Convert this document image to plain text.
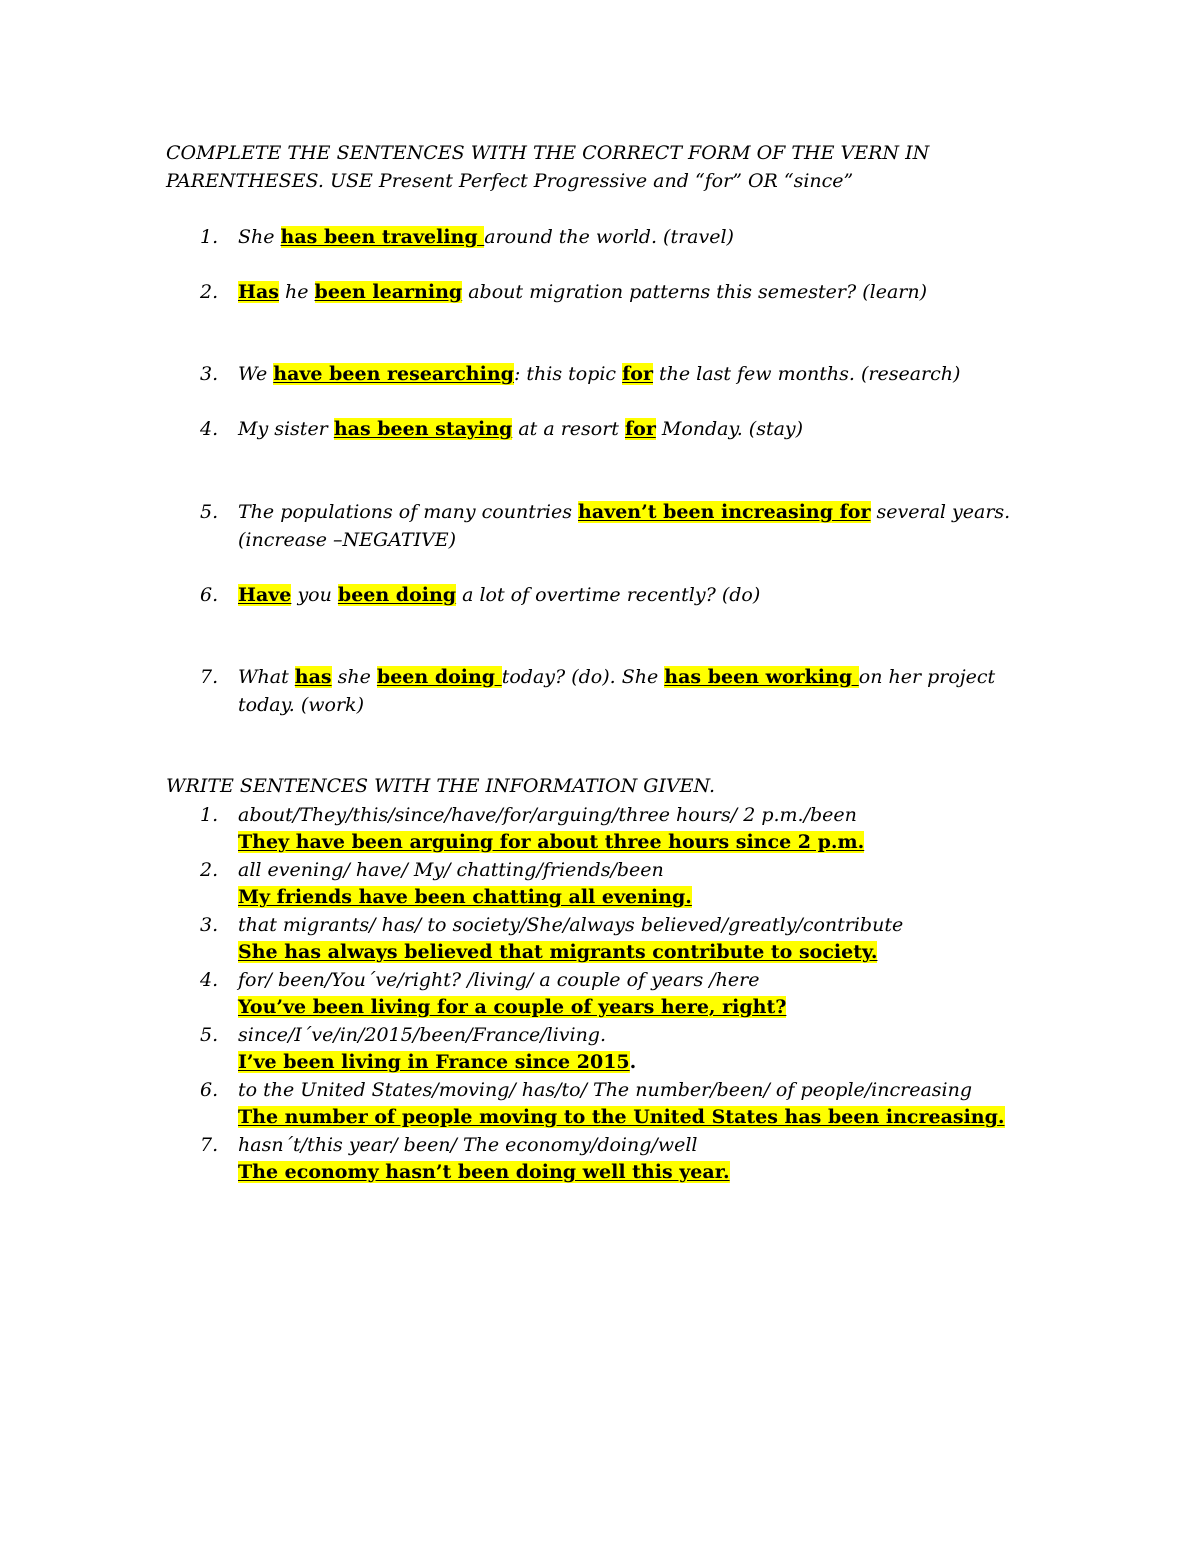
COMPLETE THE SENTENCES WITH THE CORRECT FORM OF THE VERN IN
PARENTHESES. USE Present Perfect Progressive and “for” OR “since”
1. She has been traveling around the world. (travel)
2. Has he been learning about migration patterns this semester? (learn)
3. We have been researching: this topic for the last few months. (research)
4. My sister has been staying at a resort for Monday. (stay)
5. The populations of many countries haven’t been increasing for several years.
(increase –NEGATIVE)
6. Have you been doing a lot of overtime recently? (do)
7. What has she been doing today? (do). She has been working on her project
today. (work)
WRITE SENTENCES WITH THE INFORMATION GIVEN.
1. about/They/this/since/have/for/arguing/three hours/ 2 p.m./been
They have been arguing for about three hours since 2 p.m.
2. all evening/ have/ My/ chatting/friends/been
My friends have been chatting all evening.
3. that migrants/ has/ to society/She/always believed/greatly/contribute
She has always believed that migrants contribute to society.
4. for/ been/You´ve/right? /living/ a couple of years /here
You’ve been living for a couple of years here, right?
5. since/I´ve/in/2015/been/France/living.
I’ve been living in France since 2015.
6. to the United States/moving/ has/to/ The number/been/ of people/increasing
The number of people moving to the United States has been increasing.
7. hasn´t/this year/ been/ The economy/doing/well
The economy hasn’t been doing well this year.
